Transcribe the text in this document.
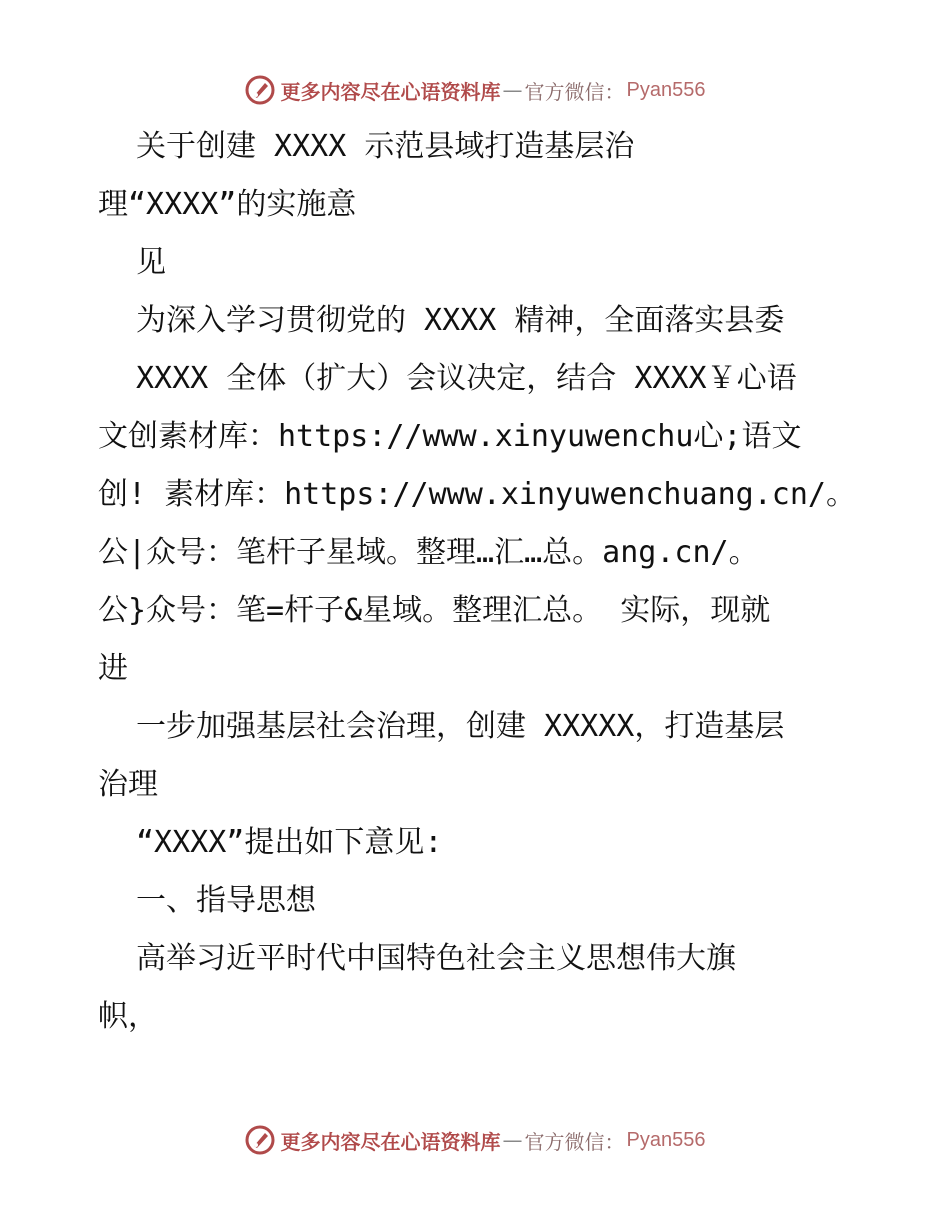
更多内容尽在心语资料库 — 官方微信： Pyan556
关于创建 XXXX 示范县域打造基层治
理“XXXX”的实施意
见
为深入学习贯彻党的 XXXX 精神，全面落实县委
XXXX 全体（扩大）会议决定，结合 XXXX￥心语
文创素材库：https://www.xinyuwenchu心;语文
创! 素材库：https://www.xinyuwenchuang.cn/。
公|众号：笔杆子星域。整理…汇…总。ang.cn/。
公}众号：笔=杆子&星域。整理汇总。 实际，现就
进
一步加强基层社会治理，创建 XXXXX，打造基层
治理
“XXXX”提出如下意见:
一、指导思想
高举习近平时代中国特色社会主义思想伟大旗
帜，
更多内容尽在心语资料库 — 官方微信： Pyan556
